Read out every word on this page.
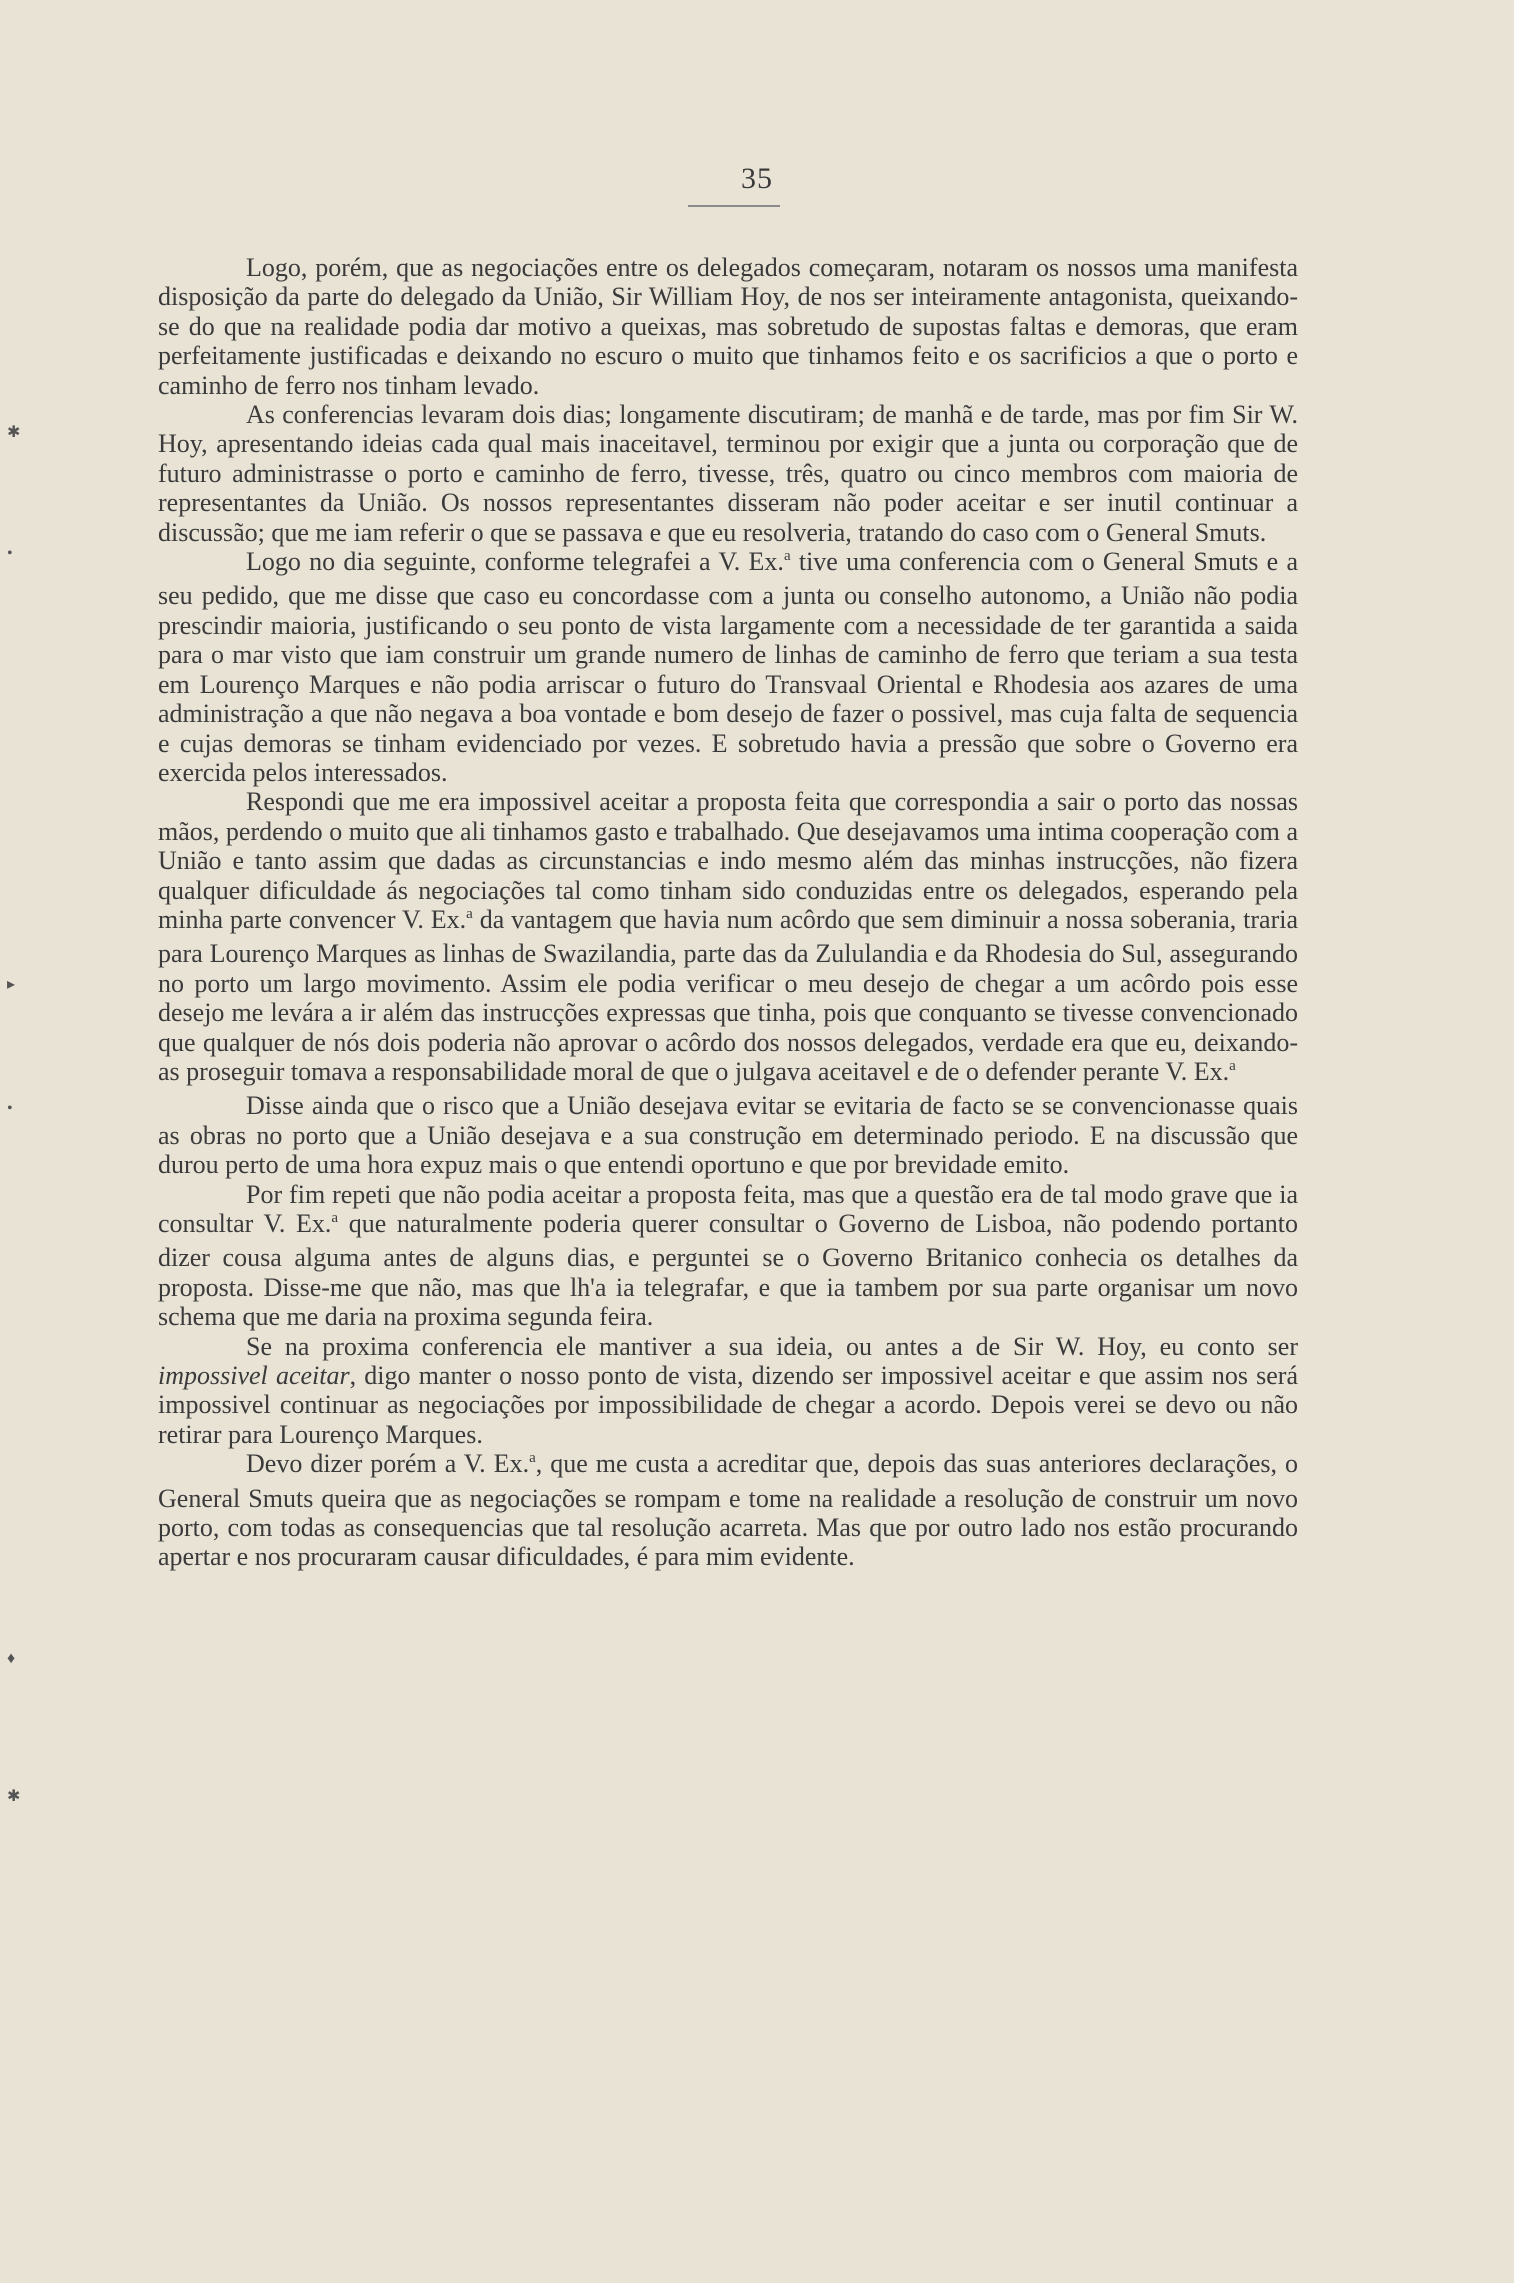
35
✱
•
▸
•
♦
✱

Logo, porém, que as negociações entre os delegados começaram, notaram os nossos uma manifesta disposição da parte do delegado da União, Sir William Hoy, de nos ser inteiramente antagonista, queixando-se do que na realidade podia dar motivo a queixas, mas sobretudo de supostas faltas e demoras, que eram perfeitamente justificadas e deixando no escuro o muito que tinhamos feito e os sacrificios a que o porto e caminho de ferro nos tinham levado.

As conferencias levaram dois dias; longamente discutiram; de manhã e de tarde, mas por fim Sir W. Hoy, apresentando ideias cada qual mais inaceitavel, terminou por exigir que a junta ou corporação que de futuro administrasse o porto e caminho de ferro, tivesse, três, quatro ou cinco membros com maioria de representantes da União. Os nossos representantes disseram não poder aceitar e ser inutil continuar a discussão; que me iam referir o que se passava e que eu resolveria, tratando do caso com o General Smuts.

Logo no dia seguinte, conforme telegrafei a V. Ex.$^a$ tive uma conferencia com o General Smuts e a seu pedido, que me disse que caso eu concordasse com a junta ou conselho autonomo, a União não podia prescindir maioria, justificando o seu ponto de vista largamente com a necessidade de ter garantida a saida para o mar visto que iam construir um grande numero de linhas de caminho de ferro que teriam a sua testa em Lourenço Marques e não podia arriscar o futuro do Transvaal Oriental e Rhodesia aos azares de uma administração a que não negava a boa vontade e bom desejo de fazer o possivel, mas cuja falta de sequencia e cujas demoras se tinham evidenciado por vezes. E sobretudo havia a pressão que sobre o Governo era exercida pelos interessados.

Respondi que me era impossivel aceitar a proposta feita que correspondia a sair o porto das nossas mãos, perdendo o muito que ali tinhamos gasto e trabalhado. Que desejavamos uma intima cooperação com a União e tanto assim que dadas as circunstancias e indo mesmo além das minhas instrucções, não fizera qualquer dificuldade ás negociações tal como tinham sido conduzidas entre os delegados, esperando pela minha parte convencer V. Ex.$^a$ da vantagem que havia num acôrdo que sem diminuir a nossa soberania, traria para Lourenço Marques as linhas de Swazilandia, parte das da Zululandia e da Rhodesia do Sul, assegurando no porto um largo movimento. Assim ele podia verificar o meu desejo de chegar a um acôrdo pois esse desejo me levára a ir além das instrucções expressas que tinha, pois que conquanto se tivesse convencionado que qualquer de nós dois poderia não aprovar o acôrdo dos nossos delegados, verdade era que eu, deixando-as proseguir tomava a responsabilidade moral de que o julgava aceitavel e de o defender perante V. Ex.$^a$

Disse ainda que o risco que a União desejava evitar se evitaria de facto se se convencionasse quais as obras no porto que a União desejava e a sua construção em determinado periodo. E na discussão que durou perto de uma hora expuz mais o que entendi oportuno e que por brevidade emito.

Por fim repeti que não podia aceitar a proposta feita, mas que a questão era de tal modo grave que ia consultar V. Ex.$^a$ que naturalmente poderia querer consultar o Governo de Lisboa, não podendo portanto dizer cousa alguma antes de alguns dias, e perguntei se o Governo Britanico conhecia os detalhes da proposta. Disse-me que não, mas que lh'a ia telegrafar, e que ia tambem por sua parte organisar um novo schema que me daria na proxima segunda feira.

Se na proxima conferencia ele mantiver a sua ideia, ou antes a de Sir W. Hoy, eu conto ser impossivel aceitar, digo manter o nosso ponto de vista, dizendo ser impossivel aceitar e que assim nos será impossivel continuar as negociações por impossibilidade de chegar a acordo. Depois verei se devo ou não retirar para Lourenço Marques.

Devo dizer porém a V. Ex.$^a$, que me custa a acreditar que, depois das suas anteriores declarações, o General Smuts queira que as negociações se rompam e tome na realidade a resolução de construir um novo porto, com todas as consequencias que tal resolução acarreta. Mas que por outro lado nos estão procurando apertar e nos procuraram causar dificuldades, é para mim evidente.
